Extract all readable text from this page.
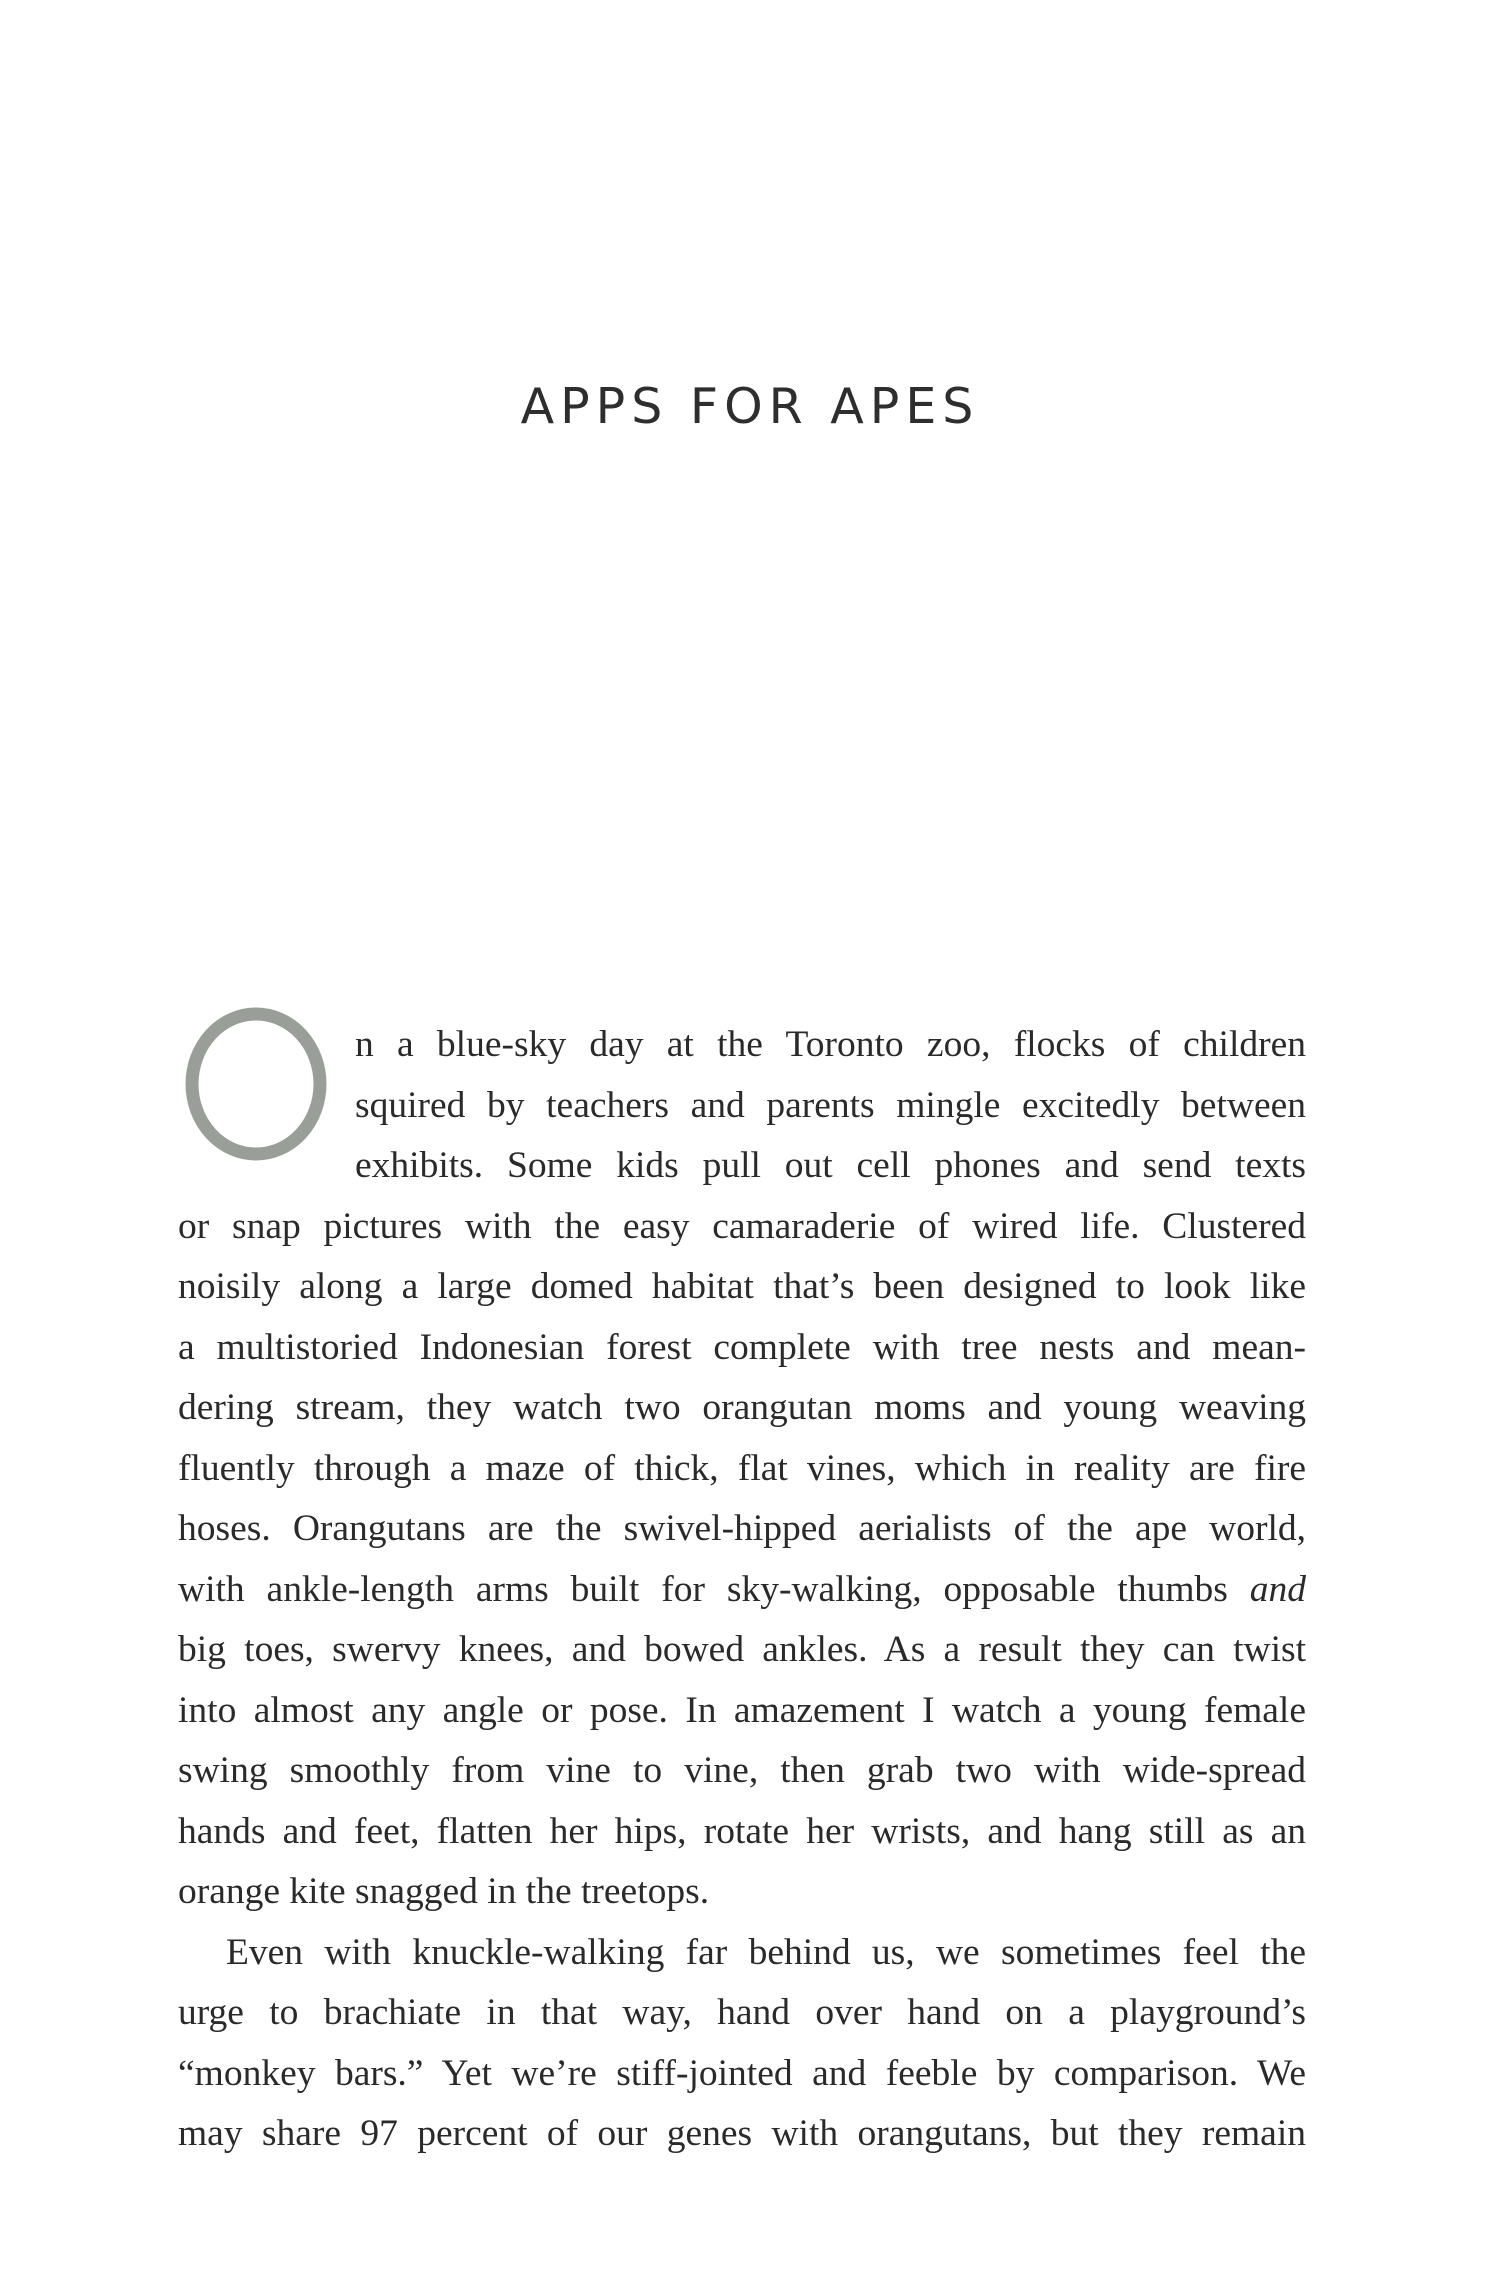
APPS FOR APES
n a blue-sky day at the Toronto zoo, flocks of children
squired by teachers and parents mingle excitedly between
exhibits. Some kids pull out cell phones and send texts
or snap pictures with the easy camaraderie of wired life. Clustered
noisily along a large domed habitat that’s been designed to look like
a multistoried Indonesian forest complete with tree nests and mean-
dering stream, they watch two orangutan moms and young weaving
fluently through a maze of thick, flat vines, which in reality are fire
hoses. Orangutans are the swivel-hipped aerialists of the ape world,
with ankle-length arms built for sky-walking, opposable thumbs and
big toes, swervy knees, and bowed ankles. As a result they can twist
into almost any angle or pose. In amazement I watch a young female
swing smoothly from vine to vine, then grab two with wide-spread
hands and feet, flatten her hips, rotate her wrists, and hang still as an
orange kite snagged in the treetops.
Even with knuckle-walking far behind us, we sometimes feel the
urge to brachiate in that way, hand over hand on a playground’s
“monkey bars.” Yet we’re stiff-jointed and feeble by comparison. We
may share 97 percent of our genes with orangutans, but they remain
